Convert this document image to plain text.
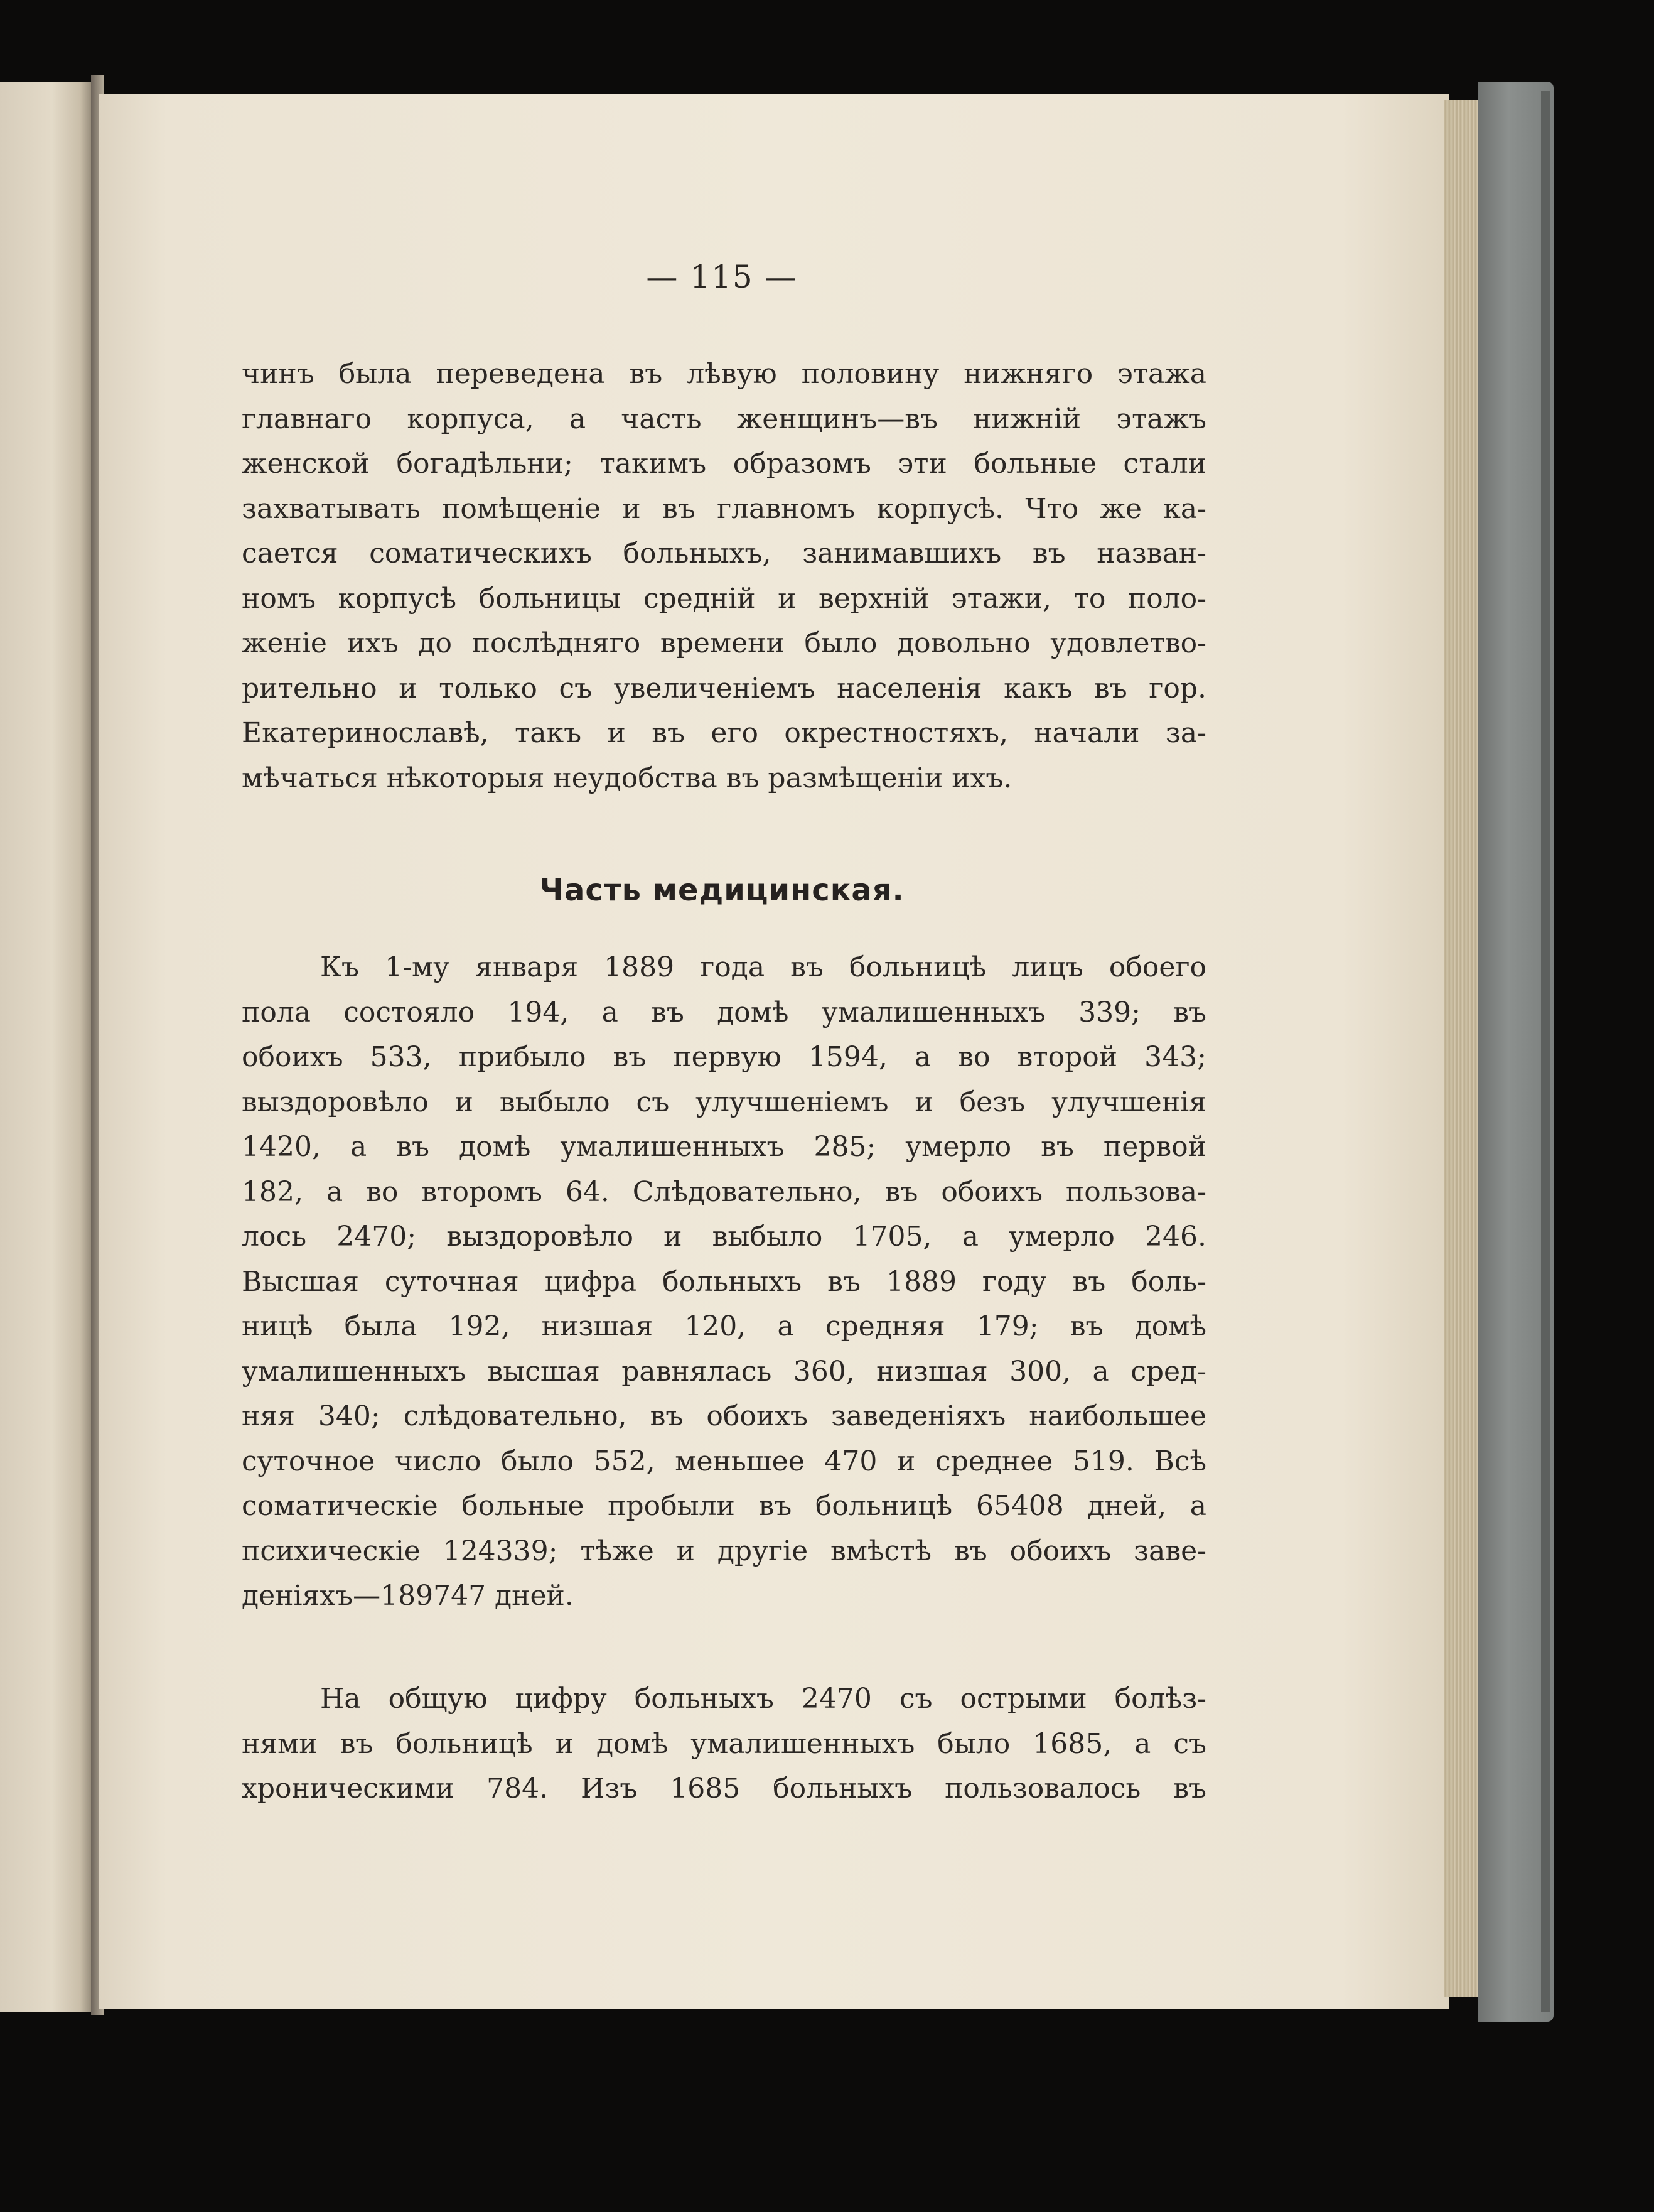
— 115 —
чинъ была переведена въ лѣвую половину нижняго этажа
главнаго корпуса, а часть женщинъ—въ нижній этажъ
женской богадѣльни; такимъ образомъ эти больные стали
захватывать помѣщеніе и въ главномъ корпусѣ. Что же ка-
сается соматическихъ больныхъ, занимавшихъ въ назван-
номъ корпусѣ больницы средній и верхній этажи, то поло-
женіе ихъ до послѣдняго времени было довольно удовлетво-
рительно и только съ увеличеніемъ населенія какъ въ гор.
Екатеринославѣ, такъ и въ его окрестностяхъ, начали за-
мѣчаться нѣкоторыя неудобства въ размѣщеніи ихъ.
Часть медицинская.
Къ 1-му января 1889 года въ больницѣ лицъ обоего
пола состояло 194, а въ домѣ умалишенныхъ 339; въ
обоихъ 533, прибыло въ первую 1594, а во второй 343;
выздоровѣло и выбыло съ улучшеніемъ и безъ улучшенія
1420, а въ домѣ умалишенныхъ 285; умерло въ первой
182, а во второмъ 64. Слѣдовательно, въ обоихъ пользова-
лось 2470; выздоровѣло и выбыло 1705, а умерло 246.
Высшая суточная цифра больныхъ въ 1889 году въ боль-
ницѣ была 192, низшая 120, а средняя 179; въ домѣ
умалишенныхъ высшая равнялась 360, низшая 300, а сред-
няя 340; слѣдовательно, въ обоихъ заведеніяхъ наибольшее
суточное число было 552, меньшее 470 и среднее 519. Всѣ
соматическіе больные пробыли въ больницѣ 65408 дней, а
психическіе 124339; тѣже и другіе вмѣстѣ въ обоихъ заве-
деніяхъ—189747 дней.
На общую цифру больныхъ 2470 съ острыми болѣз-
нями въ больницѣ и домѣ умалишенныхъ было 1685, а съ
хроническими 784. Изъ 1685 больныхъ пользовалось въ
